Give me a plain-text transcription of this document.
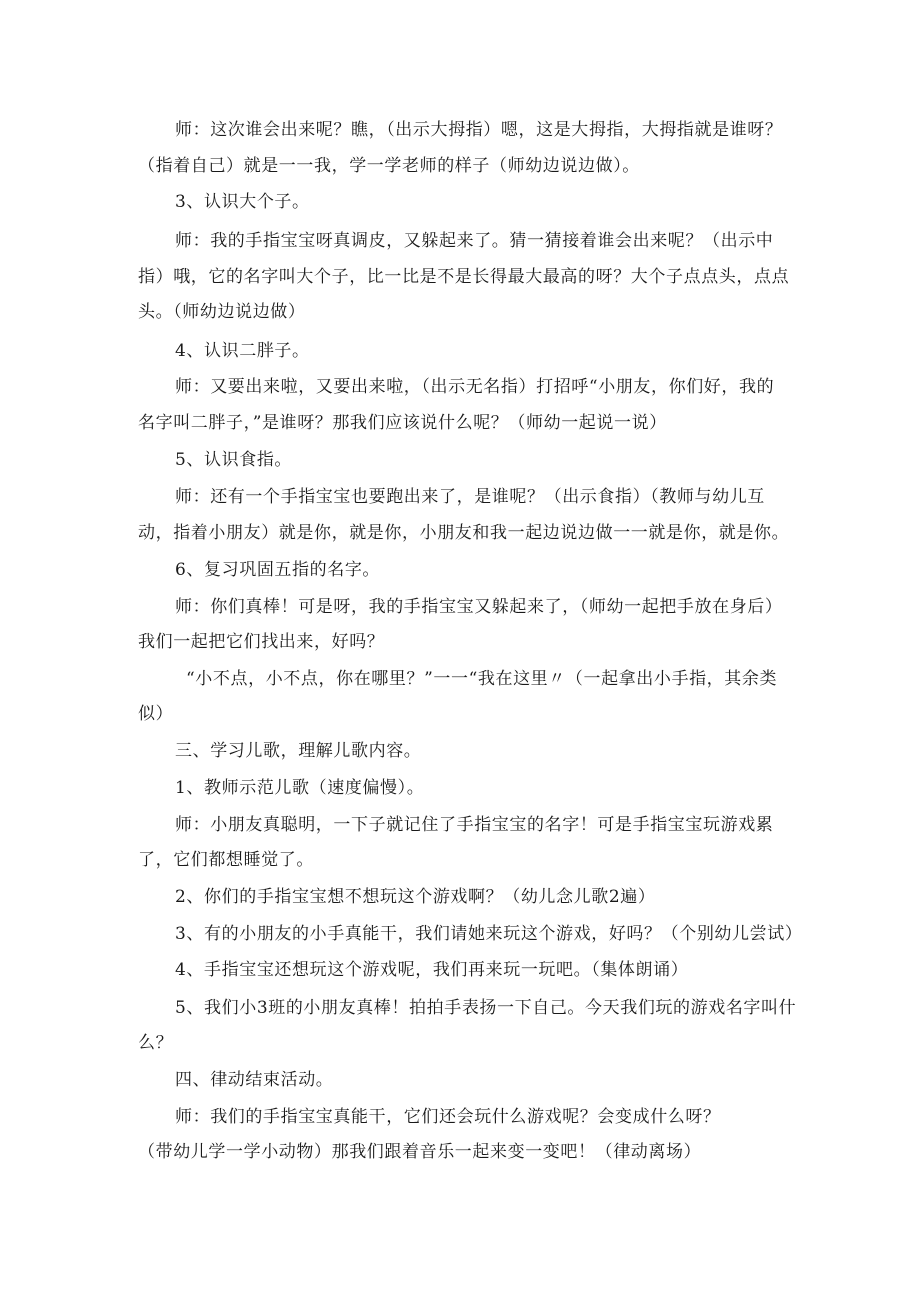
师：这次谁会出来呢？瞧，（出示大拇指）嗯，这是大拇指，大拇指就是谁呀？
（指着自己）就是一一我，学一学老师的样子（师幼边说边做）。
3、认识大个子。
师：我的手指宝宝呀真调皮，又躲起来了。猜一猜接着谁会出来呢？（出示中
指）哦，它的名字叫大个子，比一比是不是长得最大最高的呀？大个子点点头，点点
头。（师幼边说边做）
4、认识二胖子。
师：又要出来啦，又要出来啦，（出示无名指）打招呼“小朋友，你们好，我的
名字叫二胖子，”是谁呀？那我们应该说什么呢？（师幼一起说一说）
5、认识食指。
师：还有一个手指宝宝也要跑出来了，是谁呢？（出示食指）（教师与幼儿互
动，指着小朋友）就是你，就是你，小朋友和我一起边说边做一一就是你，就是你。
6、复习巩固五指的名字。
师：你们真棒！可是呀，我的手指宝宝又躲起来了，（师幼一起把手放在身后）
我们一起把它们找出来，好吗？
“小不点，小不点，你在哪里？”一一“我在这里〃（一起拿出小手指，其余类
似）
三、学习儿歌，理解儿歌内容。
1、教师示范儿歌（速度偏慢）。
师：小朋友真聪明，一下子就记住了手指宝宝的名字！可是手指宝宝玩游戏累
了，它们都想睡觉了。
2、你们的手指宝宝想不想玩这个游戏啊？（幼儿念儿歌2遍）
3、有的小朋友的小手真能干，我们请她来玩这个游戏，好吗？（个别幼儿尝试）
4、手指宝宝还想玩这个游戏呢，我们再来玩一玩吧。（集体朗诵）
5、我们小3班的小朋友真棒！拍拍手表扬一下自己。今天我们玩的游戏名字叫什
么？
四、律动结束活动。
师：我们的手指宝宝真能干，它们还会玩什么游戏呢？会变成什么呀？
（带幼儿学一学小动物）那我们跟着音乐一起来变一变吧！（律动离场）
